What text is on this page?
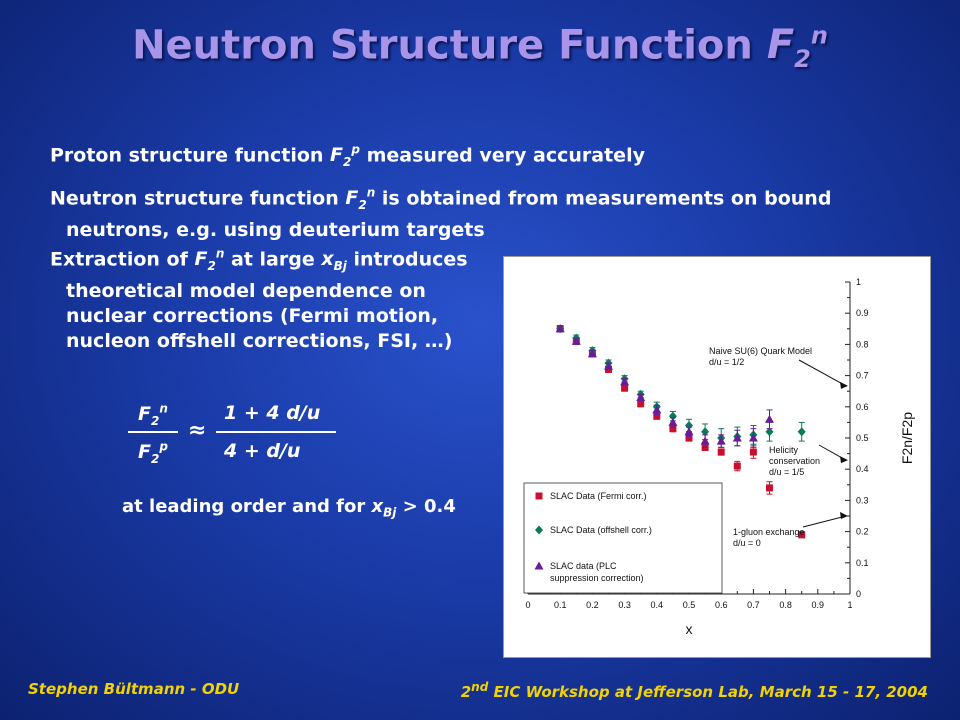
Neutron Structure Function $F_2^n$

Proton structure function $F_2^p$ measured very accurately

Neutron structure function $F_2^n$ is obtained from measurements on bound
neutrons, e.g. using deuterium targets

Extraction of $F_2^n$ at large $x_{Bj}$ introduces
theoretical model dependence on
nuclear corrections (Fermi motion,
nucleon offshell corrections, FSI, …)
$F_2^n$
$F_2^p$
≈
1 + 4 d/u
4 + d/u
at leading order and for $x_{Bj} > 0.4$
0	0.1 0.2 0.3 0.4 0.5 0.6 0.7 0.8 0.9	1
0
0.1
0.2
0.3
0.4
0.5
0.6
0.7
0.8
0.9
1
x
F2n/F2p
Naive SU(6) Quark Model
d/u = 1/2
Helicity
conservation
d/u = 1/5
1-gluon exchange
d/u = 0
SLAC Data (Fermi corr.)
SLAC Data (offshell corr.)
SLAC data (PLC
suppression correction)
Stephen Bültmann - ODU	2nd EIC Workshop at Jefferson Lab, March 15 - 17, 2004
